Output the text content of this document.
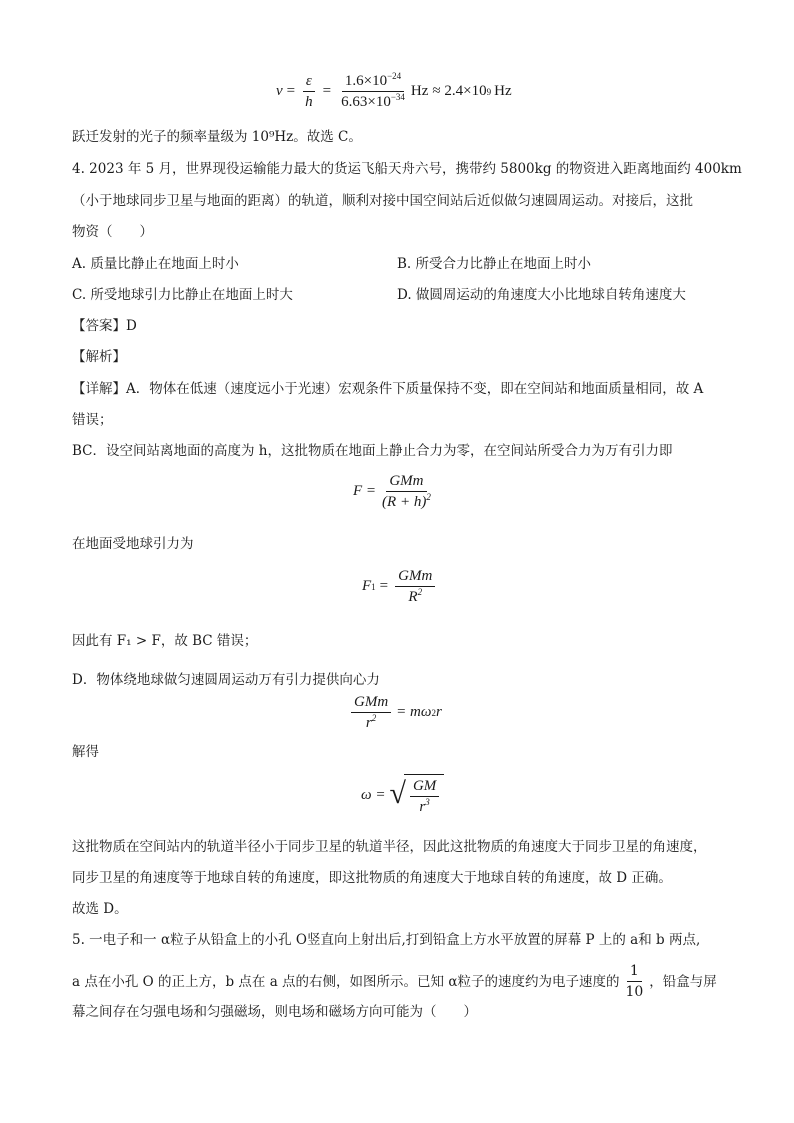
$\nu = \frac{\varepsilon}{h} = \frac{1.6\times 10^{-24}}{6.63\times 10^{-34}}$ Hz ≈ 2.4×10 9 Hz
跃迁发射的光子的频率量级为 10⁹Hz。故选 C。
4. 2023 年 5 月，世界现役运输能力最大的货运飞船天舟六号，携带约 5800kg 的物资进入距离地面约 400km
（小于地球同步卫星与地面的距离）的轨道，顺利对接中国空间站后近似做匀速圆周运动。对接后，这批
物资（　　）
A. 质量比静止在地面上时小	B. 所受合力比静止在地面上时小
C. 所受地球引力比静止在地面上时大	D. 做圆周运动的角速度大小比地球自转角速度大
【答案】D
【解析】
【详解】A．物体在低速（速度远小于光速）宏观条件下质量保持不变，即在空间站和地面质量相同，故 A
错误；
BC．设空间站离地面的高度为 h，这批物质在地面上静止合力为零，在空间站所受合力为万有引力即
$F = \frac{\text{GMm}}{(R + h)^2}$
在地面受地球引力为
F $1 = \frac{\text{GMm}}{R^2}$
因此有 F₁ > F，故 BC 错误；
D．物体绕地球做匀速圆周运动万有引力提供向心力
$\frac{\text{GMm}}{r^2} = m\omega$ 2 r
解得
ω = √ $\frac{GM}{r^3}$
这批物质在空间站内的轨道半径小于同步卫星的轨道半径，因此这批物质的角速度大于同步卫星的角速度，
同步卫星的角速度等于地球自转的角速度，即这批物质的角速度大于地球自转的角速度，故 D 正确。
故选 D。
5. 一电子和一 α粒子从铅盒上的小孔 O竖直向上射出后,打到铅盒上方水平放置的屏幕 P 上的 a和 b 两点,
a 点在小孔 O 的正上方，b 点在 a 点的右侧，如图所示。已知 α粒子的速度约为电子速度的 $\frac{1}{10}$ ，铅盒与屏
幕之间存在匀强电场和匀强磁场，则电场和磁场方向可能为（　　）
